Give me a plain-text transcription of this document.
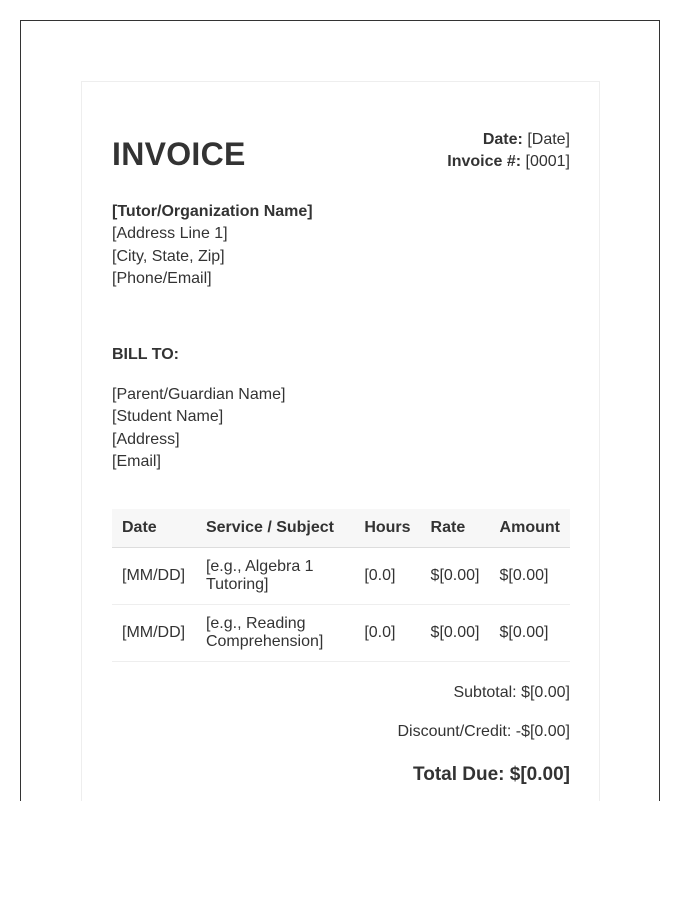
INVOICE	Date: [Date]
Invoice #: [0001]
[Tutor/Organization Name]
[Address Line 1]
[City, State, Zip]
[Phone/Email]
BILL TO:
[Parent/Guardian Name]
[Student Name]
[Address]
[Email]
Date	Service / Subject	Hours	Rate	Amount
[MM/DD]	[e.g., Algebra 1 Tutoring]	[0.0]	$[0.00]	$[0.00]
[MM/DD]	[e.g., Reading Comprehension]	[0.0]	$[0.00]	$[0.00]
Subtotal: $[0.00]
Discount/Credit: -$[0.00]
Total Due: $[0.00]
